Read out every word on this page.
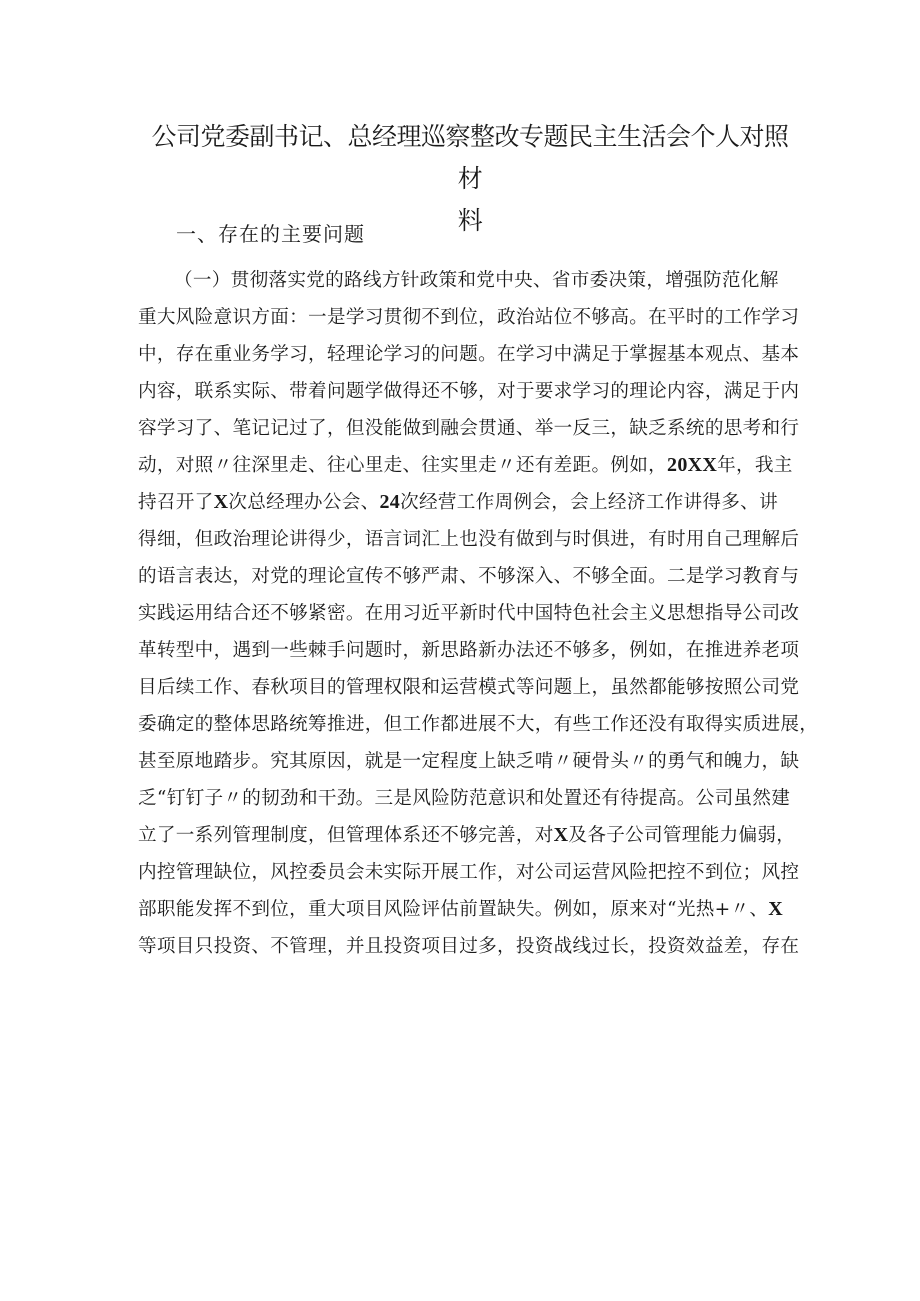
公司党委副书记、总经理巡察整改专题民主生活会个人对照材
料
一、存在的主要问题
（一）贯彻落实党的路线方针政策和党中央、省市委决策，增强防范化解
重大风险意识方面：一是学习贯彻不到位，政治站位不够高。在平时的工作学习
中，存在重业务学习，轻理论学习的问题。在学习中满足于掌握基本观点、基本
内容，联系实际、带着问题学做得还不够，对于要求学习的理论内容，满足于内
容学习了、笔记记过了，但没能做到融会贯通、举一反三，缺乏系统的思考和行
动，对照〃往深里走、往心里走、往实里走〃还有差距。例如，20XX年，我主
持召开了X次总经理办公会、24次经营工作周例会，会上经济工作讲得多、讲
得细，但政治理论讲得少，语言词汇上也没有做到与时俱进，有时用自己理解后
的语言表达，对党的理论宣传不够严肃、不够深入、不够全面。二是学习教育与
实践运用结合还不够紧密。在用习近平新时代中国特色社会主义思想指导公司改
革转型中，遇到一些棘手问题时，新思路新办法还不够多，例如，在推进养老项
目后续工作、春秋项目的管理权限和运营模式等问题上，虽然都能够按照公司党
委确定的整体思路统筹推进，但工作都进展不大，有些工作还没有取得实质进展，
甚至原地踏步。究其原因，就是一定程度上缺乏啃〃硬骨头〃的勇气和魄力，缺
乏“钉钉子〃的韧劲和干劲。三是风险防范意识和处置还有待提高。公司虽然建
立了一系列管理制度，但管理体系还不够完善，对X及各子公司管理能力偏弱，
内控管理缺位，风控委员会未实际开展工作，对公司运营风险把控不到位；风控
部职能发挥不到位，重大项目风险评估前置缺失。例如，原来对“光热+〃、X
等项目只投资、不管理，并且投资项目过多，投资战线过长，投资效益差，存在
